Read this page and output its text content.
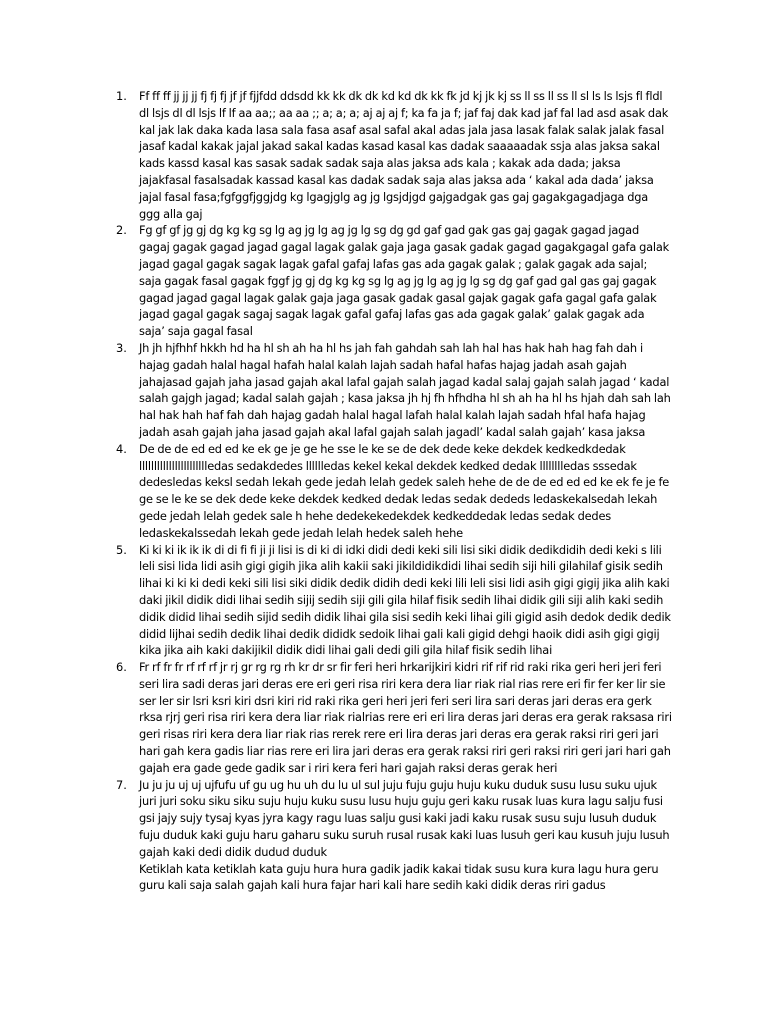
1. Ff ff ff jj jj jj fj fj fj jf jf fjjfdd ddsdd kk kk dk dk kd kd dk kk fk jd kj jk kj ss ll ss ll ss ll sl ls ls lsjs fl fldl dl lsjs dl dl lsjs lf lf aa aa;; aa aa ;; a; a; a; aj aj aj f; ka fa ja f; jaf faj dak kad jaf fal lad asd asak dak kal jak lak daka kada lasa sala fasa asaf asal safal akal adas jala jasa lasak falak salak jalak fasal jasaf kadal kakak jajal jakad sakal kadas kasad kasal kas dadak saaaaadak ssja alas jaksa sakal kads kassd kasal kas sasak sadak sadak saja alas jaksa ads kala ; kakak ada dada; jaksa jajakfasal fasalsadak kassad kasal kas dadak sadak saja alas jaksa ada ‘ kakal ada dada’ jaksa jajal fasal fasa;fgfggfjggjdg kg lgagjglg ag jg lgsjdjgd gajgadgak gas gaj gagakgagadjaga dga ggg alla gaj
2. Fg gf gf jg gj dg kg kg sg lg ag jg lg ag jg lg sg dg gd gaf gad gak gas gaj gagak gagad jagad gagaj gagak gagad jagad gagal lagak galak gaja jaga gasak gadak gagad gagakgagal gafa galak jagad gagal gagak sagak lagak gafal gafaj lafas gas ada gagak galak ; galak gagak ada sajal; saja gagak fasal gagak fggf jg gj dg kg kg sg lg ag jg lg ag jg lg sg dg gaf gad gal gas gaj gagak gagad jagad gagal lagak galak gaja jaga gasak gadak gasal gajak gagak gafa gagal gafa galak jagad gagal gagak sagaj sagak lagak gafal gafaj lafas gas ada gagak galak’ galak gagak ada saja’ saja gagal fasal
3. Jh jh hjfhhf hkkh hd ha hl sh ah ha hl hs jah fah gahdah sah lah hal has hak hah hag fah dah i hajag gadah halal hagal hafah halal kalah lajah sadah hafal hafas hajag jadah asah gajah jahajasad gajah jaha jasad gajah akal lafal gajah salah jagad kadal salaj gajah salah jagad ‘ kadal salah gajgh jagad; kadal salah gajah ; kasa jaksa jh hj fh hfhdha hl sh ah ha hl hs hjah dah sah lah hal hak hah haf fah dah hajag gadah halal hagal lafah halal kalah lajah sadah hfal hafa hajag jadah asah gajah jaha jasad gajah akal lafal gajah salah jagadl’ kadal salah gajah’ kasa jaksa
4. De de de ed ed ed ke ek ge je ge he sse le ke se de dek dede keke dekdek kedkedkdedak llllllllllllllllllllllledas sedakdedes lllllledas kekel kekal dekdek kedked dedak lllllllledas sssedak dedesledas keksl sedah lekah gede jedah lelah gedek saleh hehe de de de ed ed ed ke ek fe je fe ge se le ke se dek dede keke dekdek kedked dedak ledas sedak dededs ledaskekalsedah lekah gede jedah lelah gedek sale h hehe dedekekedekdek kedkeddedak ledas sedak dedes ledaskekalssedah lekah gede jedah lelah hedek saleh hehe
5. Ki ki ki ik ik ik di di fi fi ji ji lisi is di ki di idki didi dedi keki sili lisi siki didik dedikdidih dedi keki s lili leli sisi lida lidi asih gigi gigih jika alih kakii saki jikildidikdidi lihai sedih siji hili gilahilaf gisik sedih lihai ki ki ki dedi keki sili lisi siki didik dedik didih dedi keki lili leli sisi lidi asih gigi gigij jika alih kaki daki jikil didik didi lihai sedih sijij sedih siji gili gila hilaf fisik sedih lihai didik gili siji alih kaki sedih didik didid lihai sedih sijid sedih didik lihai gila sisi sedih keki lihai gili gigid asih dedok dedik dedik didid lijhai sedih dedik lihai dedik dididk sedoik lihai gali kali gigid dehgi haoik didi asih gigi gigij kika jika aih kaki dakijikil didik didi lihai gali dedi gili gila hilaf fisik sedih lihai
6. Fr rf fr fr rf rf rf jr rj gr rg rg rh kr dr sr fir feri heri hrkarijkiri kidri rif rif rid raki rika geri heri jeri feri seri lira sadi deras jari deras ere eri geri risa riri kera dera liar riak rial rias rere eri fir fer ker lir sie ser ler sir lsri ksri kiri dsri kiri rid raki rika geri heri jeri feri seri lira sari deras jari deras era gerk rksa rjrj geri risa riri kera dera liar riak rialrias rere eri eri lira deras jari deras era gerak raksasa riri geri risas riri kera dera liar riak rias rerek rere eri lira deras jari deras era gerak raksi riri geri jari hari gah kera gadis liar rias rere eri lira jari deras era gerak raksi riri geri raksi riri geri jari hari gah gajah era gade gede gadik sar i riri kera feri hari gajah raksi deras gerak heri
7. Ju ju ju uj uj ujfufu uf gu ug hu uh du lu ul sul juju fuju guju huju kuku duduk susu lusu suku ujuk juri juri soku siku siku suju huju kuku susu lusu huju guju geri kaku rusak luas kura lagu salju fusi gsi jajy sujy tysaj kyas jyra kagy ragu luas salju gusi kaki jadi kaku rusak susu suju lusuh duduk fuju duduk kaki guju haru gaharu suku suruh rusal rusak kaki luas lusuh geri kau kusuh juju lusuh gajah kaki dedi didik dudud duduk
Ketiklah kata ketiklah kata guju hura hura gadik jadik kakai tidak susu kura kura lagu hura geru guru kali saja salah gajah kali hura fajar hari kali hare sedih kaki didik deras riri gadus
